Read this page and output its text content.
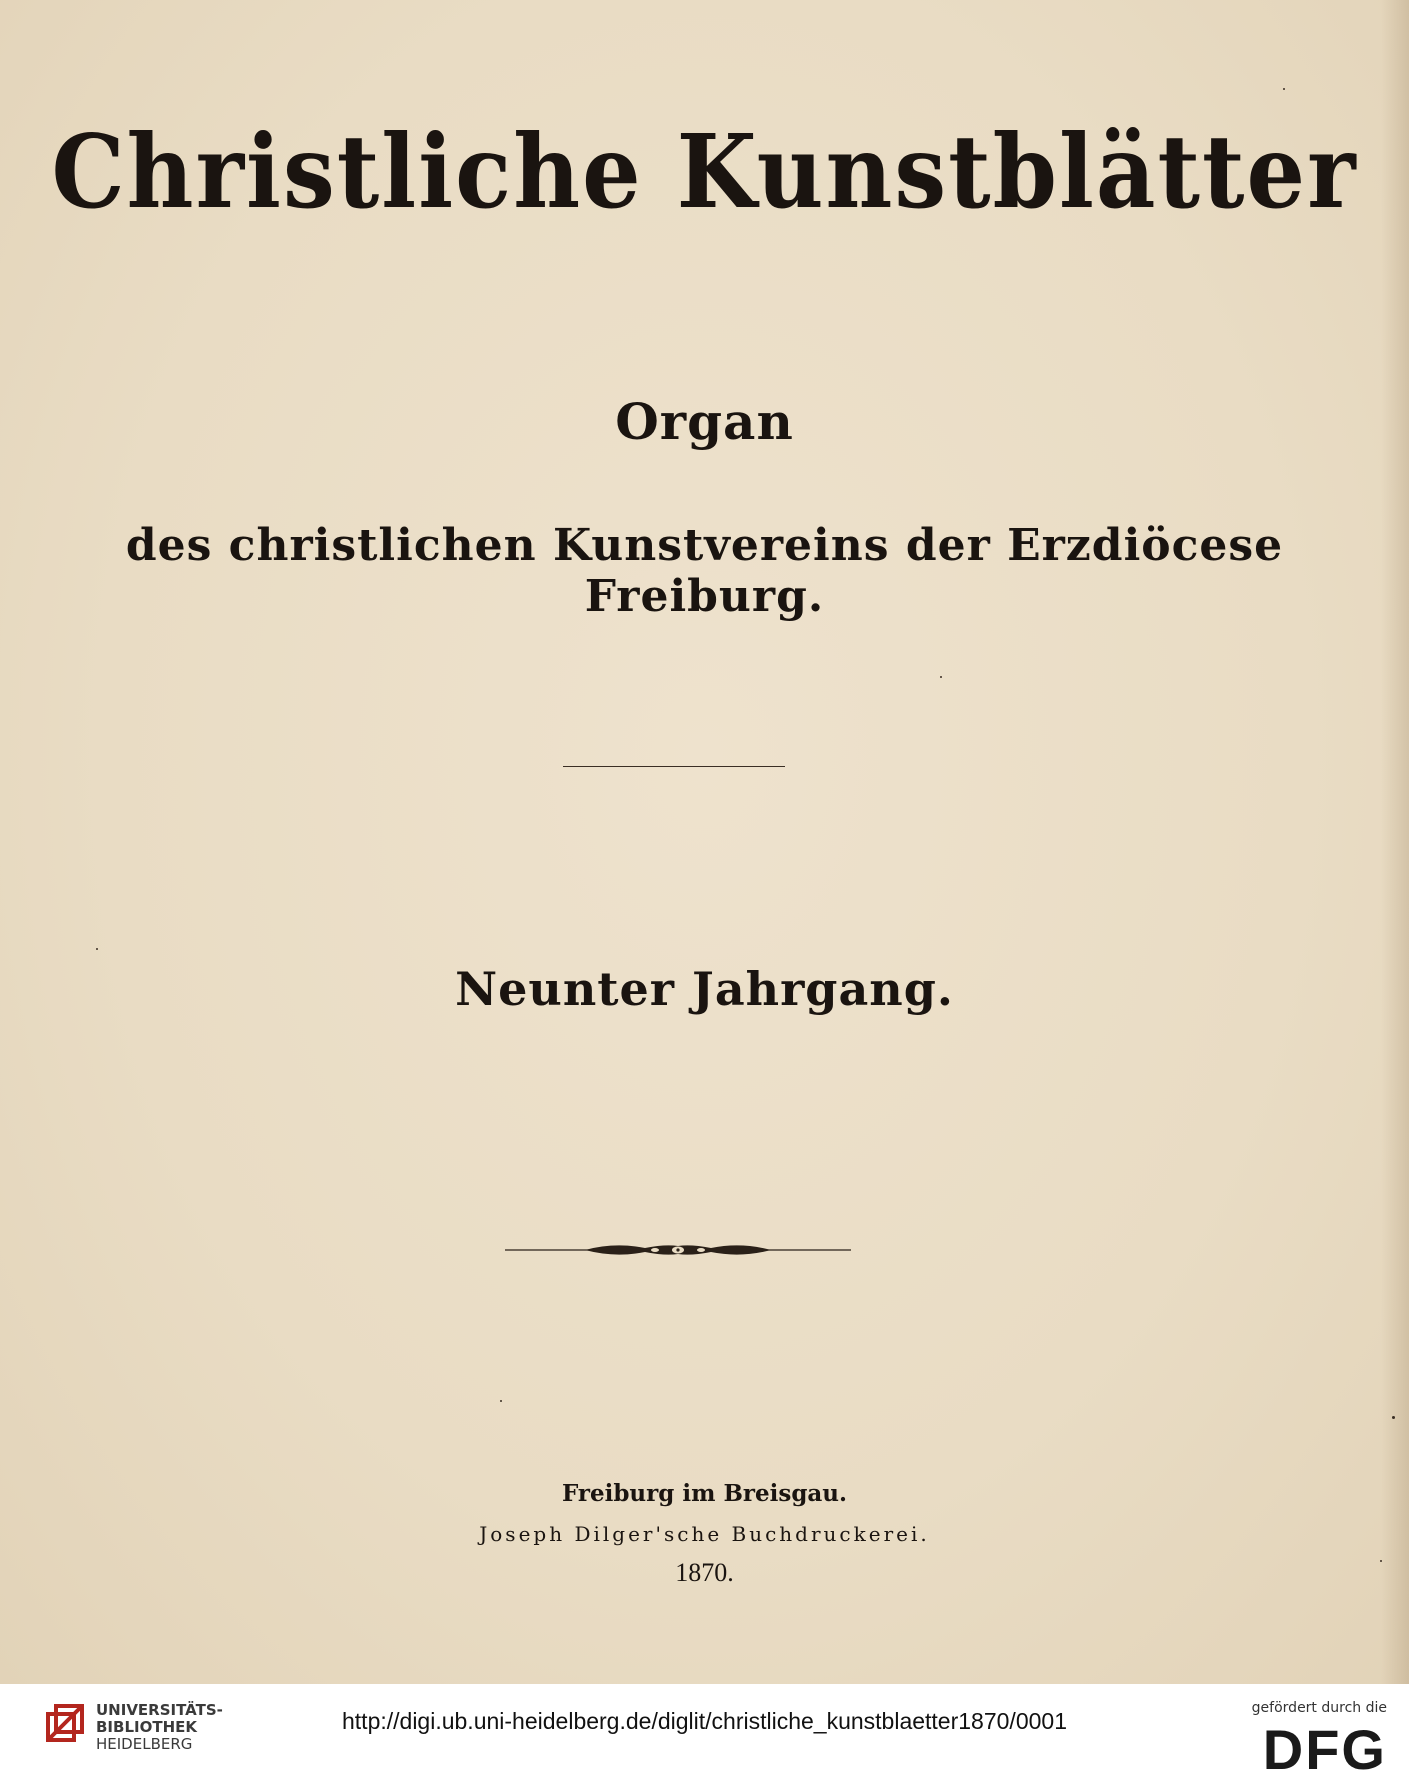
Christliche Kunstblätter
Organ
des christlichen Kunstvereins der Erzdiöcese Freiburg.
Neunter Jahrgang.
Freiburg im Breisgau.
Joseph Dilger'sche Buchdruckerei.
1870.
UNIVERSITÄTS-
BIBLIOTHEK
HEIDELBERG
http://digi.ub.uni-heidelberg.de/diglit/christliche_kunstblaetter1870/0001	gefördert durch die
DFG
